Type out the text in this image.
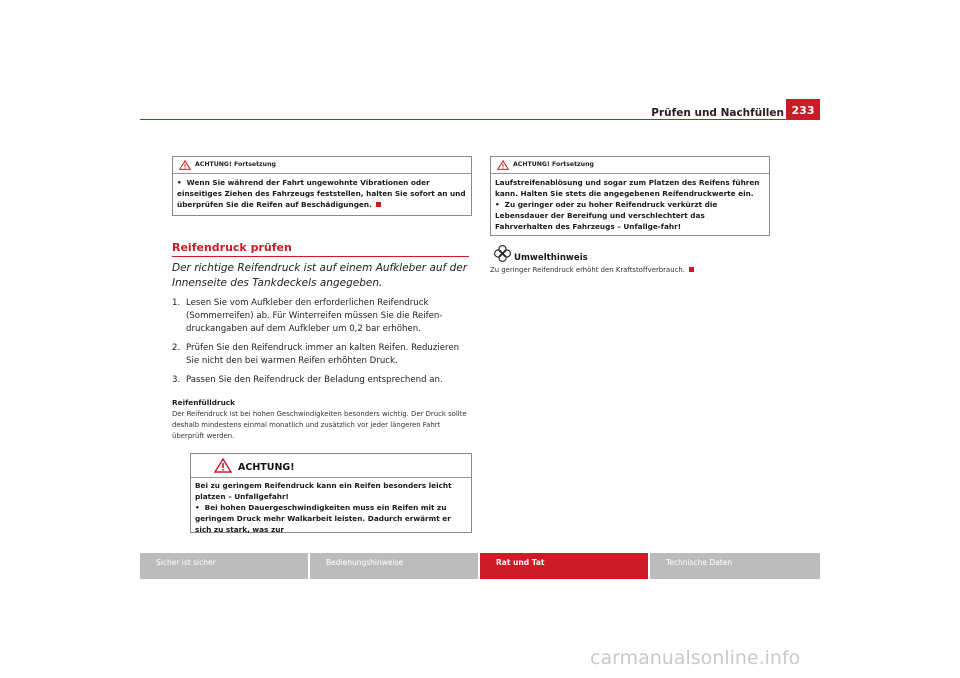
Prüfen und Nachfüllen 233
ACHTUNG! Fortsetzung

• Wenn Sie während der Fahrt ungewohnte Vibrationen oder einseitiges Ziehen des Fahrzeugs feststellen, halten Sie sofort an und überprüfen Sie die Reifen auf Beschädigungen.

Reifendruck prüfen
Der richtige Reifendruck ist auf einem Aufkleber auf der Innenseite des Tankdeckels angegeben.
1. Lesen Sie vom Aufkleber den erforderlichen Reifendruck (Sommerreifen) ab. Für Winterreifen müssen Sie die Reifen-druckangaben auf dem Aufkleber um 0,2 bar erhöhen.
2. Prüfen Sie den Reifendruck immer an kalten Reifen. Reduzieren Sie nicht den bei warmen Reifen erhöhten Druck.
3. Passen Sie den Reifendruck der Beladung entsprechend an.
Reifenfülldruck
Der Reifendruck ist bei hohen Geschwindigkeiten besonders wichtig. Der Druck sollte deshalb mindestens einmal monatlich und zusätzlich vor jeder längeren Fahrt überprüft werden.
ACHTUNG!

Bei zu geringem Reifendruck kann ein Reifen besonders leicht platzen – Unfallgefahr!

• Bei hohen Dauergeschwindigkeiten muss ein Reifen mit zu geringem Druck mehr Walkarbeit leisten. Dadurch erwärmt er sich zu stark, was zur

ACHTUNG! Fortsetzung

Laufstreifenablösung und sogar zum Platzen des Reifens führen kann. Halten Sie stets die angegebenen Reifendruckwerte ein.

• Zu geringer oder zu hoher Reifendruck verkürzt die Lebensdauer der Bereifung und verschlechtert das Fahrverhalten des Fahrzeugs – Unfallge-fahr!

Umwelthinweis
Zu geringer Reifendruck erhöht den Kraftstoffverbrauch.
Sicher ist sicher	Bedienungshinweise	Rat und Tat	Technische Daten
carmanualsonline.info
